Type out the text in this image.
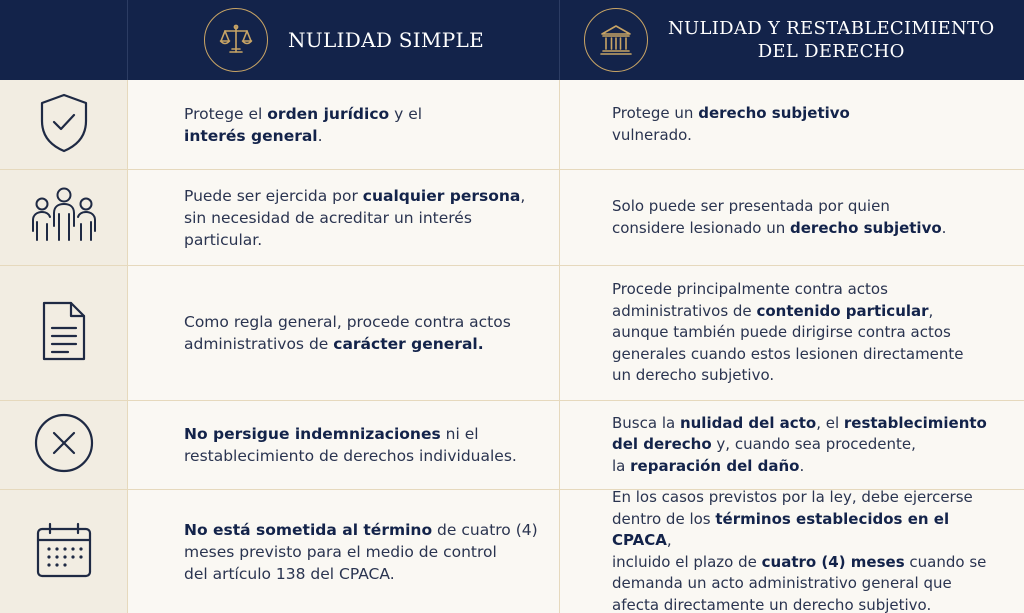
NULIDAD SIMPLE	NULIDAD Y RESTABLECIMIENTO
DEL DERECHO
Protege el orden jurídico y el
interés general.
Protege un derecho subjetivo
vulnerado.
Puede ser ejercida por cualquier persona,
sin necesidad de acreditar un interés
particular.
Solo puede ser presentada por quien
considere lesionado un derecho subjetivo.
Como regla general, procede contra actos
administrativos de carácter general.
Procede principalmente contra actos
administrativos de contenido particular,
aunque también puede dirigirse contra actos
generales cuando estos lesionen directamente
un derecho subjetivo.
No persigue indemnizaciones ni el
restablecimiento de derechos individuales.
Busca la nulidad del acto, el restablecimiento
del derecho y, cuando sea procedente,
la reparación del daño.
No está sometida al término de cuatro (4)
meses previsto para el medio de control
del artículo 138 del CPACA.
En los casos previstos por la ley, debe ejercerse
dentro de los términos establecidos en el CPACA,
incluido el plazo de cuatro (4) meses cuando se
demanda un acto administrativo general que
afecta directamente un derecho subjetivo.
